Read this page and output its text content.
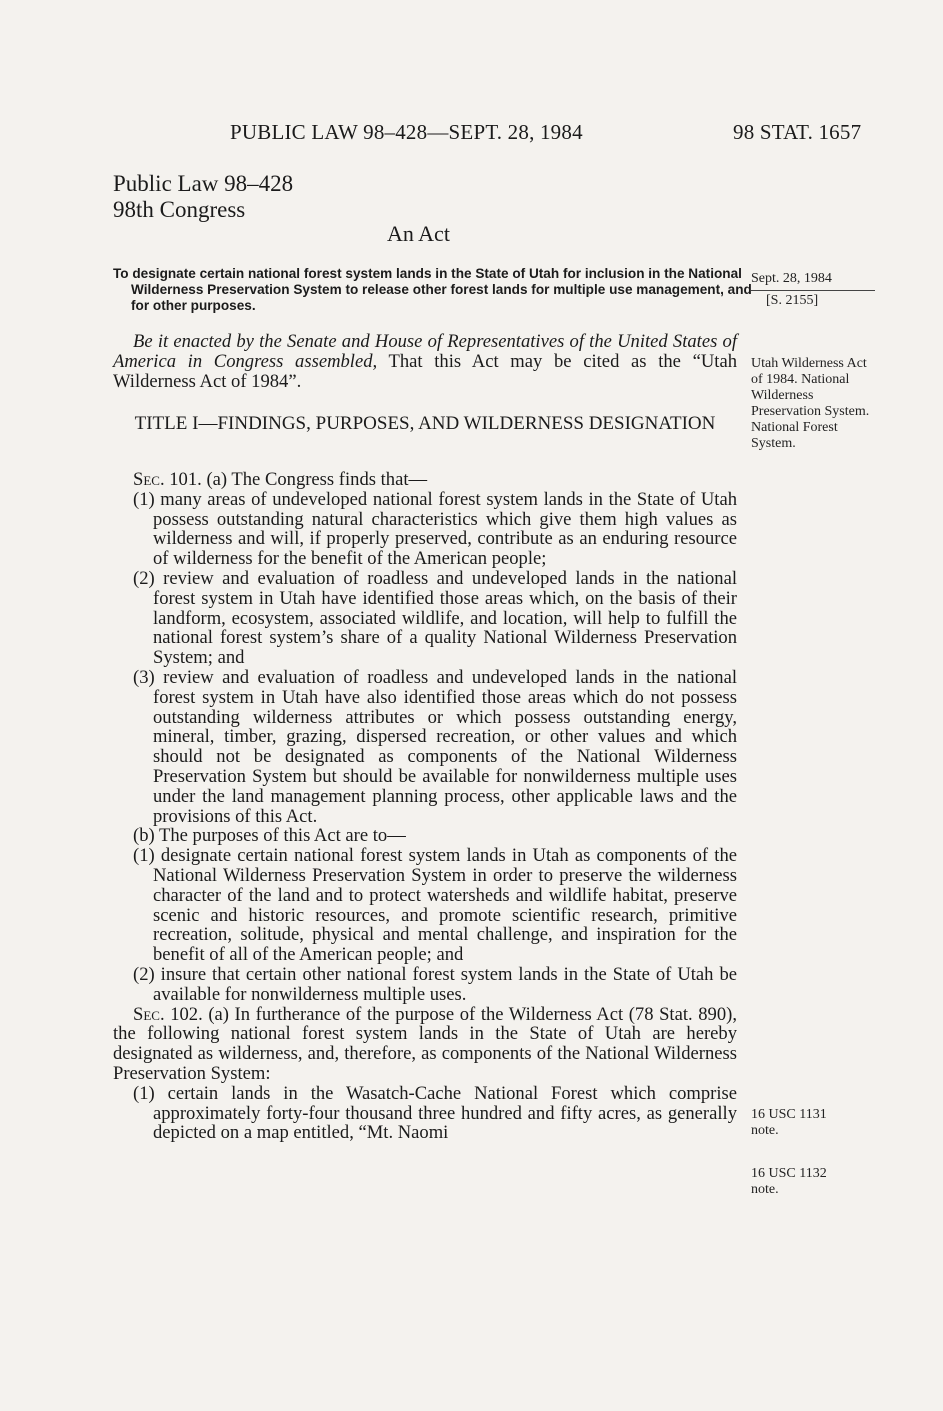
PUBLIC LAW 98–428—SEPT. 28, 1984	98 STAT. 1657
Public Law 98–428
98th Congress
An Act
To designate certain national forest system lands in the State of Utah for inclusion in the National Wilderness Preservation System to release other forest lands for multiple use management, and for other purposes.
Sept. 28, 1984
[S. 2155]
Utah Wilderness Act of 1984. National Wilderness Preservation System. National Forest System.
16 USC 1131 note.
16 USC 1132 note.
Be it enacted by the Senate and House of Representatives of the United States of America in Congress assembled, That this Act may be cited as the “Utah Wilderness Act of 1984”.
TITLE I—FINDINGS, PURPOSES, AND WILDERNESS DESIGNATION

Sec. 101. (a) The Congress finds that—

(1) many areas of undeveloped national forest system lands in the State of Utah possess outstanding natural characteristics which give them high values as wilderness and will, if properly preserved, contribute as an enduring resource of wilderness for the benefit of the American people;

(2) review and evaluation of roadless and undeveloped lands in the national forest system in Utah have identified those areas which, on the basis of their landform, ecosystem, associated wildlife, and location, will help to fulfill the national forest system’s share of a quality National Wilderness Preservation System; and

(3) review and evaluation of roadless and undeveloped lands in the national forest system in Utah have also identified those areas which do not possess outstanding wilderness attributes or which possess outstanding energy, mineral, timber, grazing, dispersed recreation, or other values and which should not be designated as components of the National Wilderness Preservation System but should be available for nonwilderness multiple uses under the land management planning process, other applicable laws and the provisions of this Act.

(b) The purposes of this Act are to—

(1) designate certain national forest system lands in Utah as components of the National Wilderness Preservation System in order to preserve the wilderness character of the land and to protect watersheds and wildlife habitat, preserve scenic and historic resources, and promote scientific research, primitive recreation, solitude, physical and mental challenge, and inspiration for the benefit of all of the American people; and

(2) insure that certain other national forest system lands in the State of Utah be available for nonwilderness multiple uses.

Sec. 102. (a) In furtherance of the purpose of the Wilderness Act (78 Stat. 890), the following national forest system lands in the State of Utah are hereby designated as wilderness, and, therefore, as components of the National Wilderness Preservation System:

(1) certain lands in the Wasatch-Cache National Forest which comprise approximately forty-four thousand three hundred and fifty acres, as generally depicted on a map entitled, “Mt. Naomi
